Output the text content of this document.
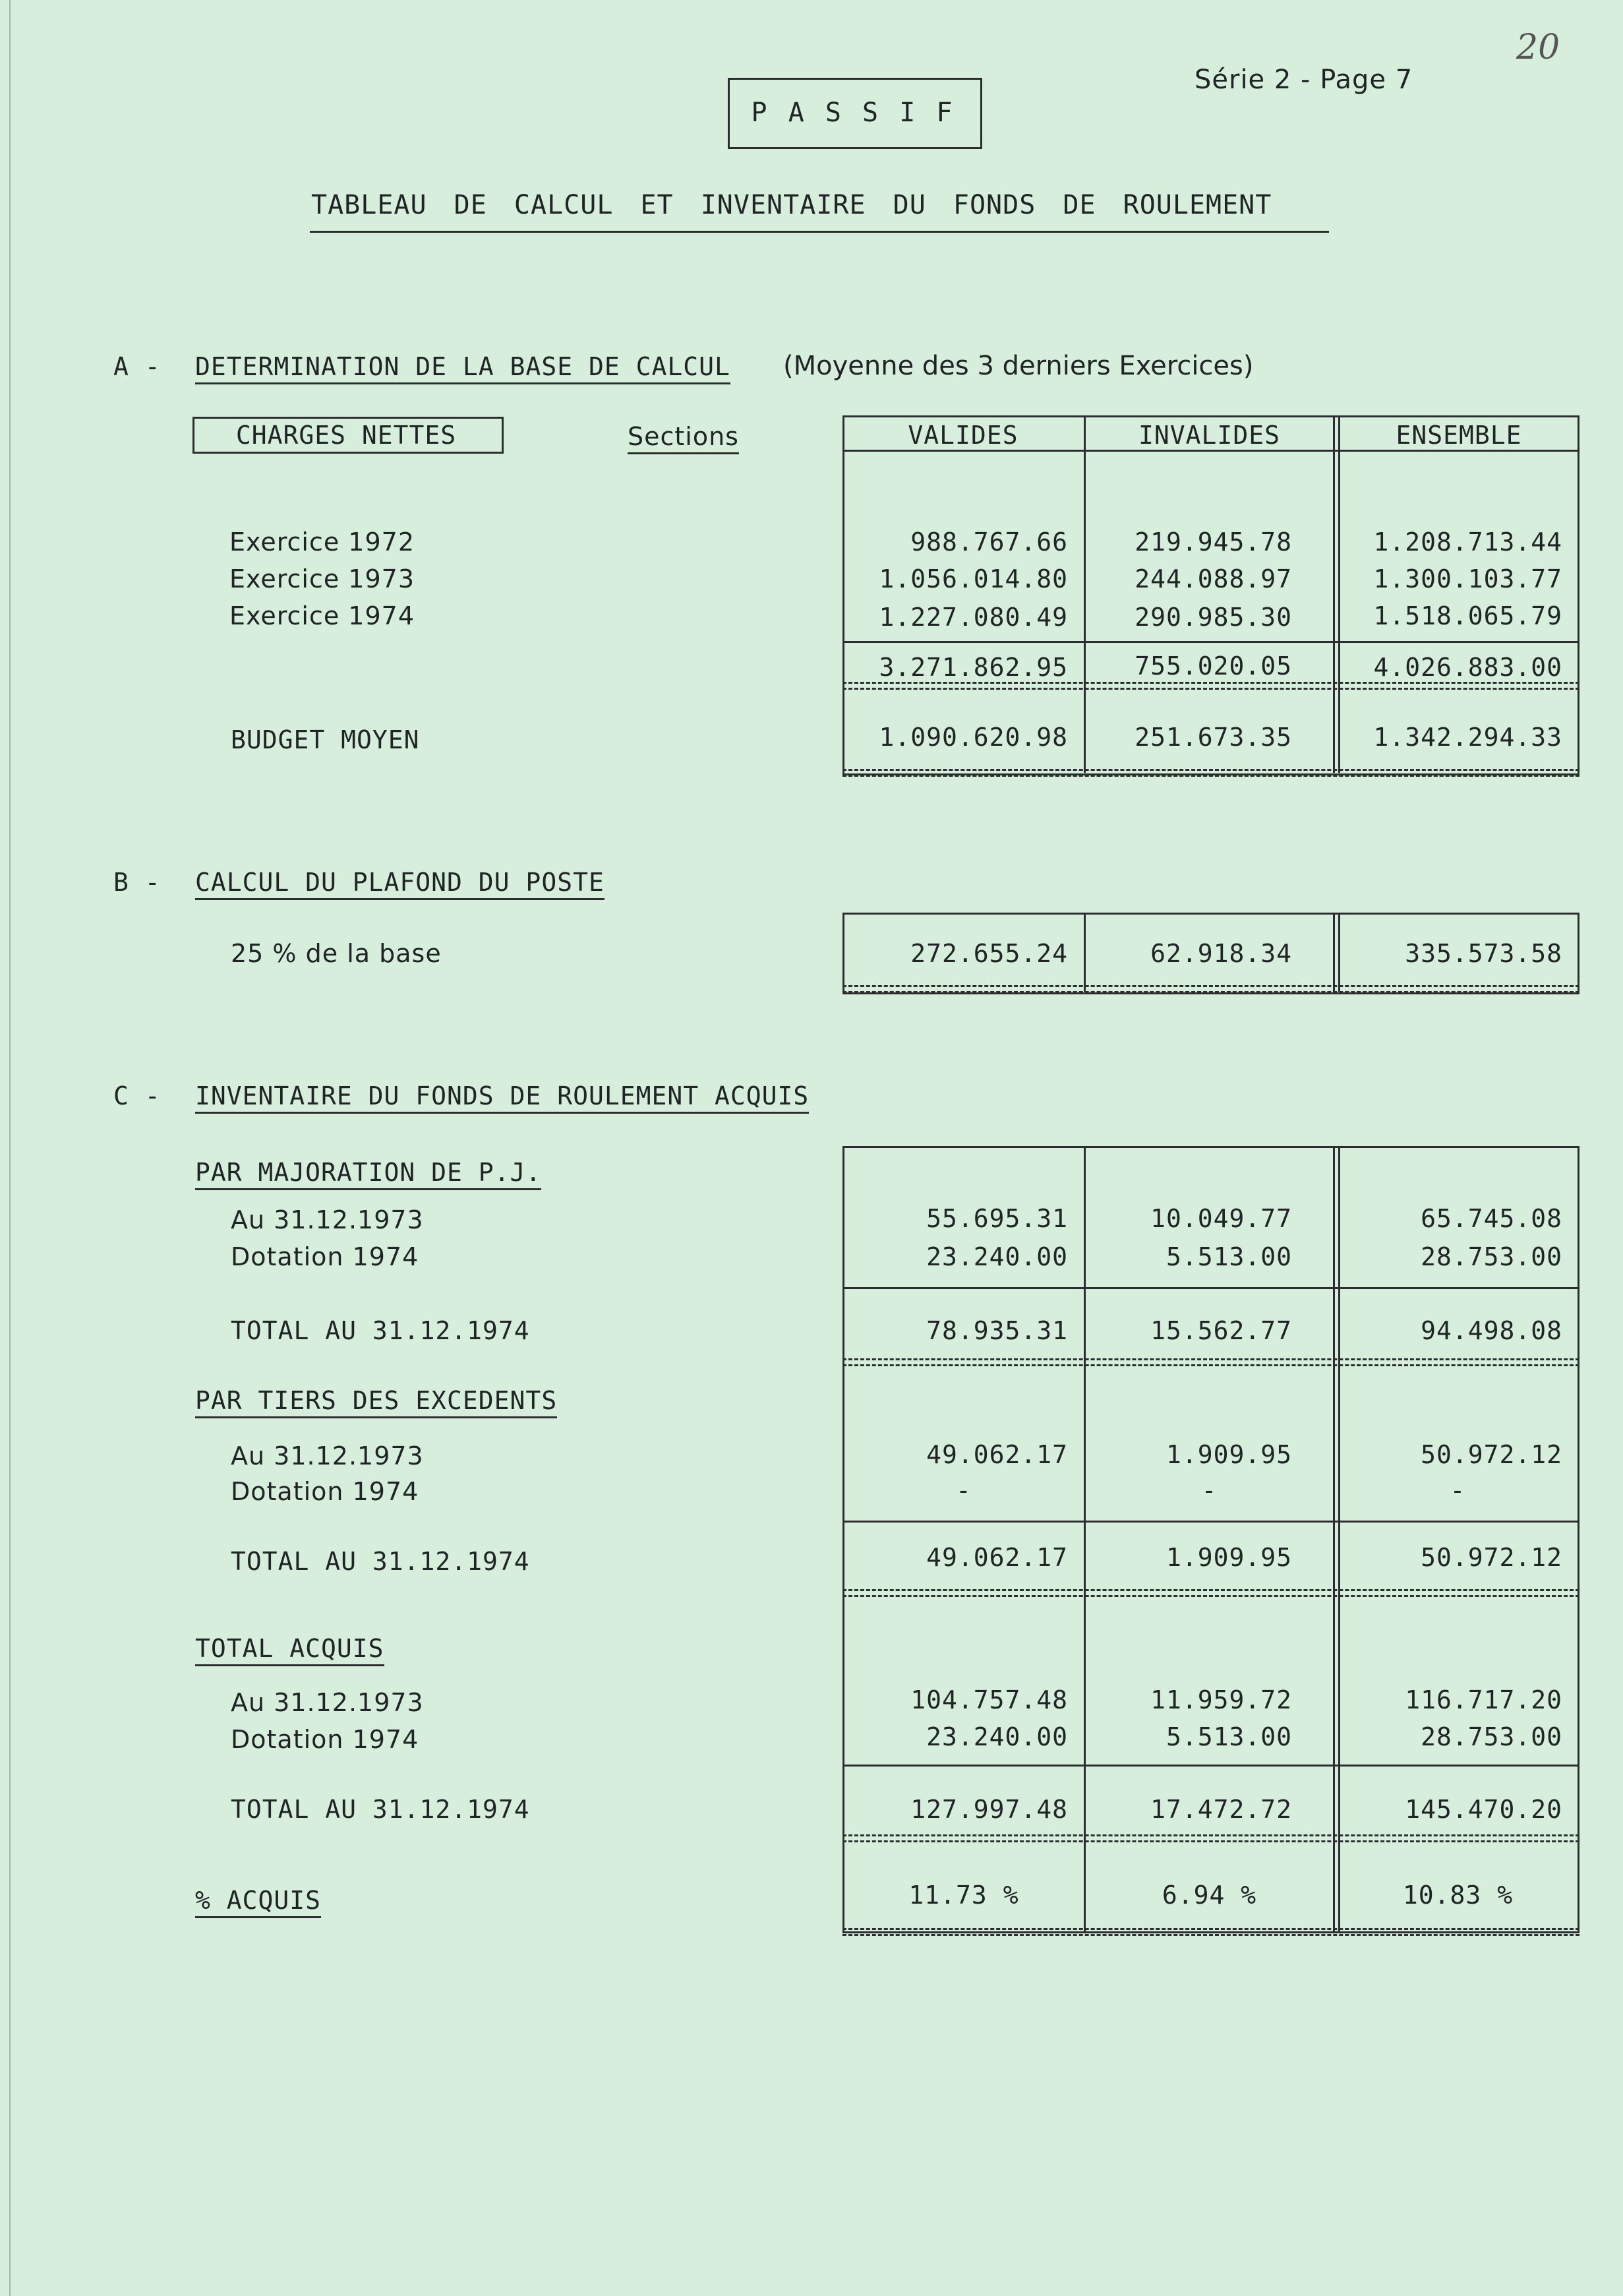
Série 2 - Page 7
20
P A S S I F
TABLEAU DE CALCUL ET INVENTAIRE DU FONDS DE ROULEMENT
A - DETERMINATION DE LA BASE DE CALCUL (Moyenne des 3 derniers Exercices)
CHARGES NETTES	Sections	VALIDES	INVALIDES	ENSEMBLE
Exercice 1972	988.767.66	219.945.78	1.208.713.44
Exercice 1973	1.056.014.80	244.088.97	1.300.103.77
Exercice 1974	1.227.080.49	290.985.30	1.518.065.79
3.271.862.95	755.020.05	4.026.883.00
BUDGET MOYEN	1.090.620.98	251.673.35	1.342.294.33
B - CALCUL DU PLAFOND DU POSTE
25 % de la base	272.655.24	62.918.34	335.573.58
C - INVENTAIRE DU FONDS DE ROULEMENT ACQUIS
PAR MAJORATION DE P.J.
Au 31.12.1973	55.695.31	10.049.77	65.745.08
Dotation 1974	23.240.00	5.513.00	28.753.00
TOTAL AU 31.12.1974	78.935.31	15.562.77	94.498.08
PAR TIERS DES EXCEDENTS
Au 31.12.1973	49.062.17	1.909.95	50.972.12
Dotation 1974	-	-	-
TOTAL AU 31.12.1974	49.062.17	1.909.95	50.972.12
TOTAL ACQUIS
Au 31.12.1973	104.757.48	11.959.72	116.717.20
Dotation 1974	23.240.00	5.513.00	28.753.00
TOTAL AU 31.12.1974	127.997.48	17.472.72	145.470.20
% ACQUIS	11.73 %	6.94 %	10.83 %
